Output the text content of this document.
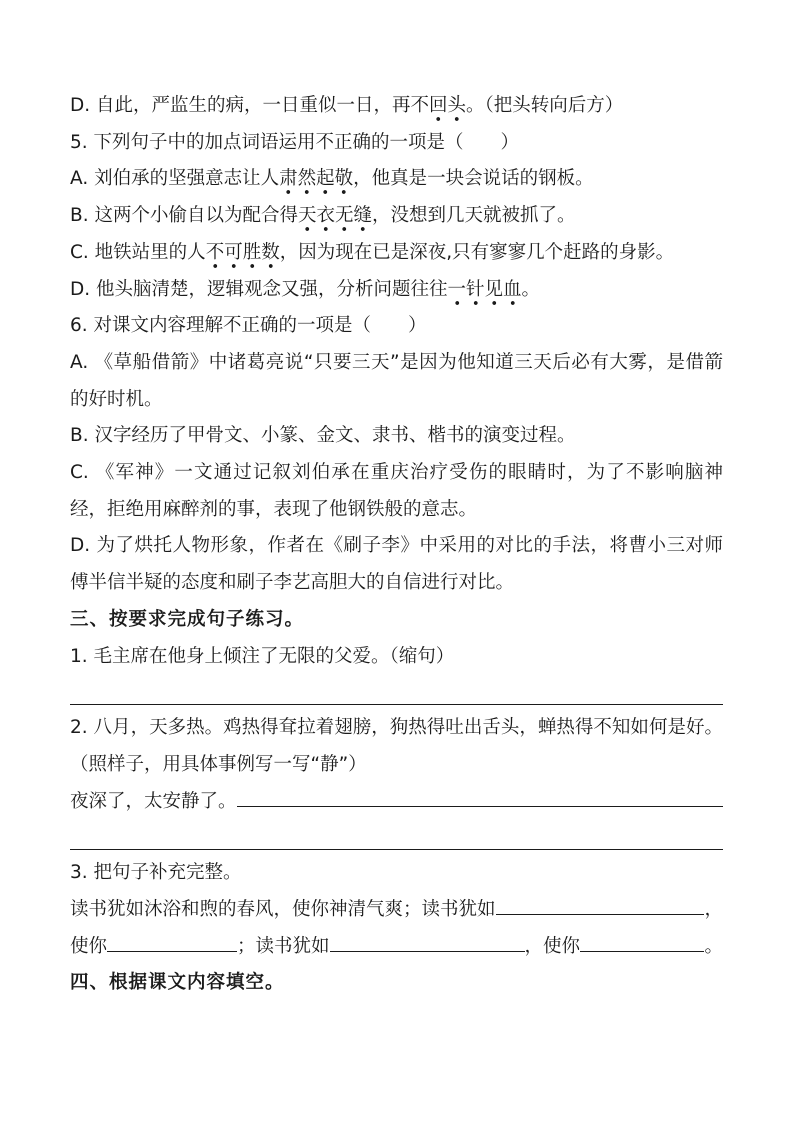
D. 自此，严监生的病，一日重似一日，再不回头。（把头转向后方）

5. 下列句子中的加点词语运用不正确的一项是（　　）

A. 刘伯承的坚强意志让人肃然起敬，他真是一块会说话的钢板。

B. 这两个小偷自以为配合得天衣无缝，没想到几天就被抓了。

C. 地铁站里的人不可胜数，因为现在已是深夜,只有寥寥几个赶路的身影。

D. 他头脑清楚，逻辑观念又强，分析问题往往一针见血。

6. 对课文内容理解不正确的一项是（　　）

A. 《草船借箭》中诸葛亮说“只要三天”是因为他知道三天后必有大雾，是借箭的好时机。

B. 汉字经历了甲骨文、小篆、金文、隶书、楷书的演变过程。

C. 《军神》一文通过记叙刘伯承在重庆治疗受伤的眼睛时，为了不影响脑神经，拒绝用麻醉剂的事，表现了他钢铁般的意志。

D. 为了烘托人物形象，作者在《刷子李》中采用的对比的手法，将曹小三对师傅半信半疑的态度和刷子李艺高胆大的自信进行对比。

三、按要求完成句子练习。

1. 毛主席在他身上倾注了无限的父爱。（缩句）

2. 八月，天多热。鸡热得耷拉着翅膀，狗热得吐出舌头，蝉热得不知如何是好。（照样子，用具体事例写一写“静”）

夜深了，太安静了。

3. 把句子补充完整。

读书犹如沐浴和煦的春风，使你神清气爽；读书犹如	，

使你	；读书犹如	，使你	。

四、根据课文内容填空。
